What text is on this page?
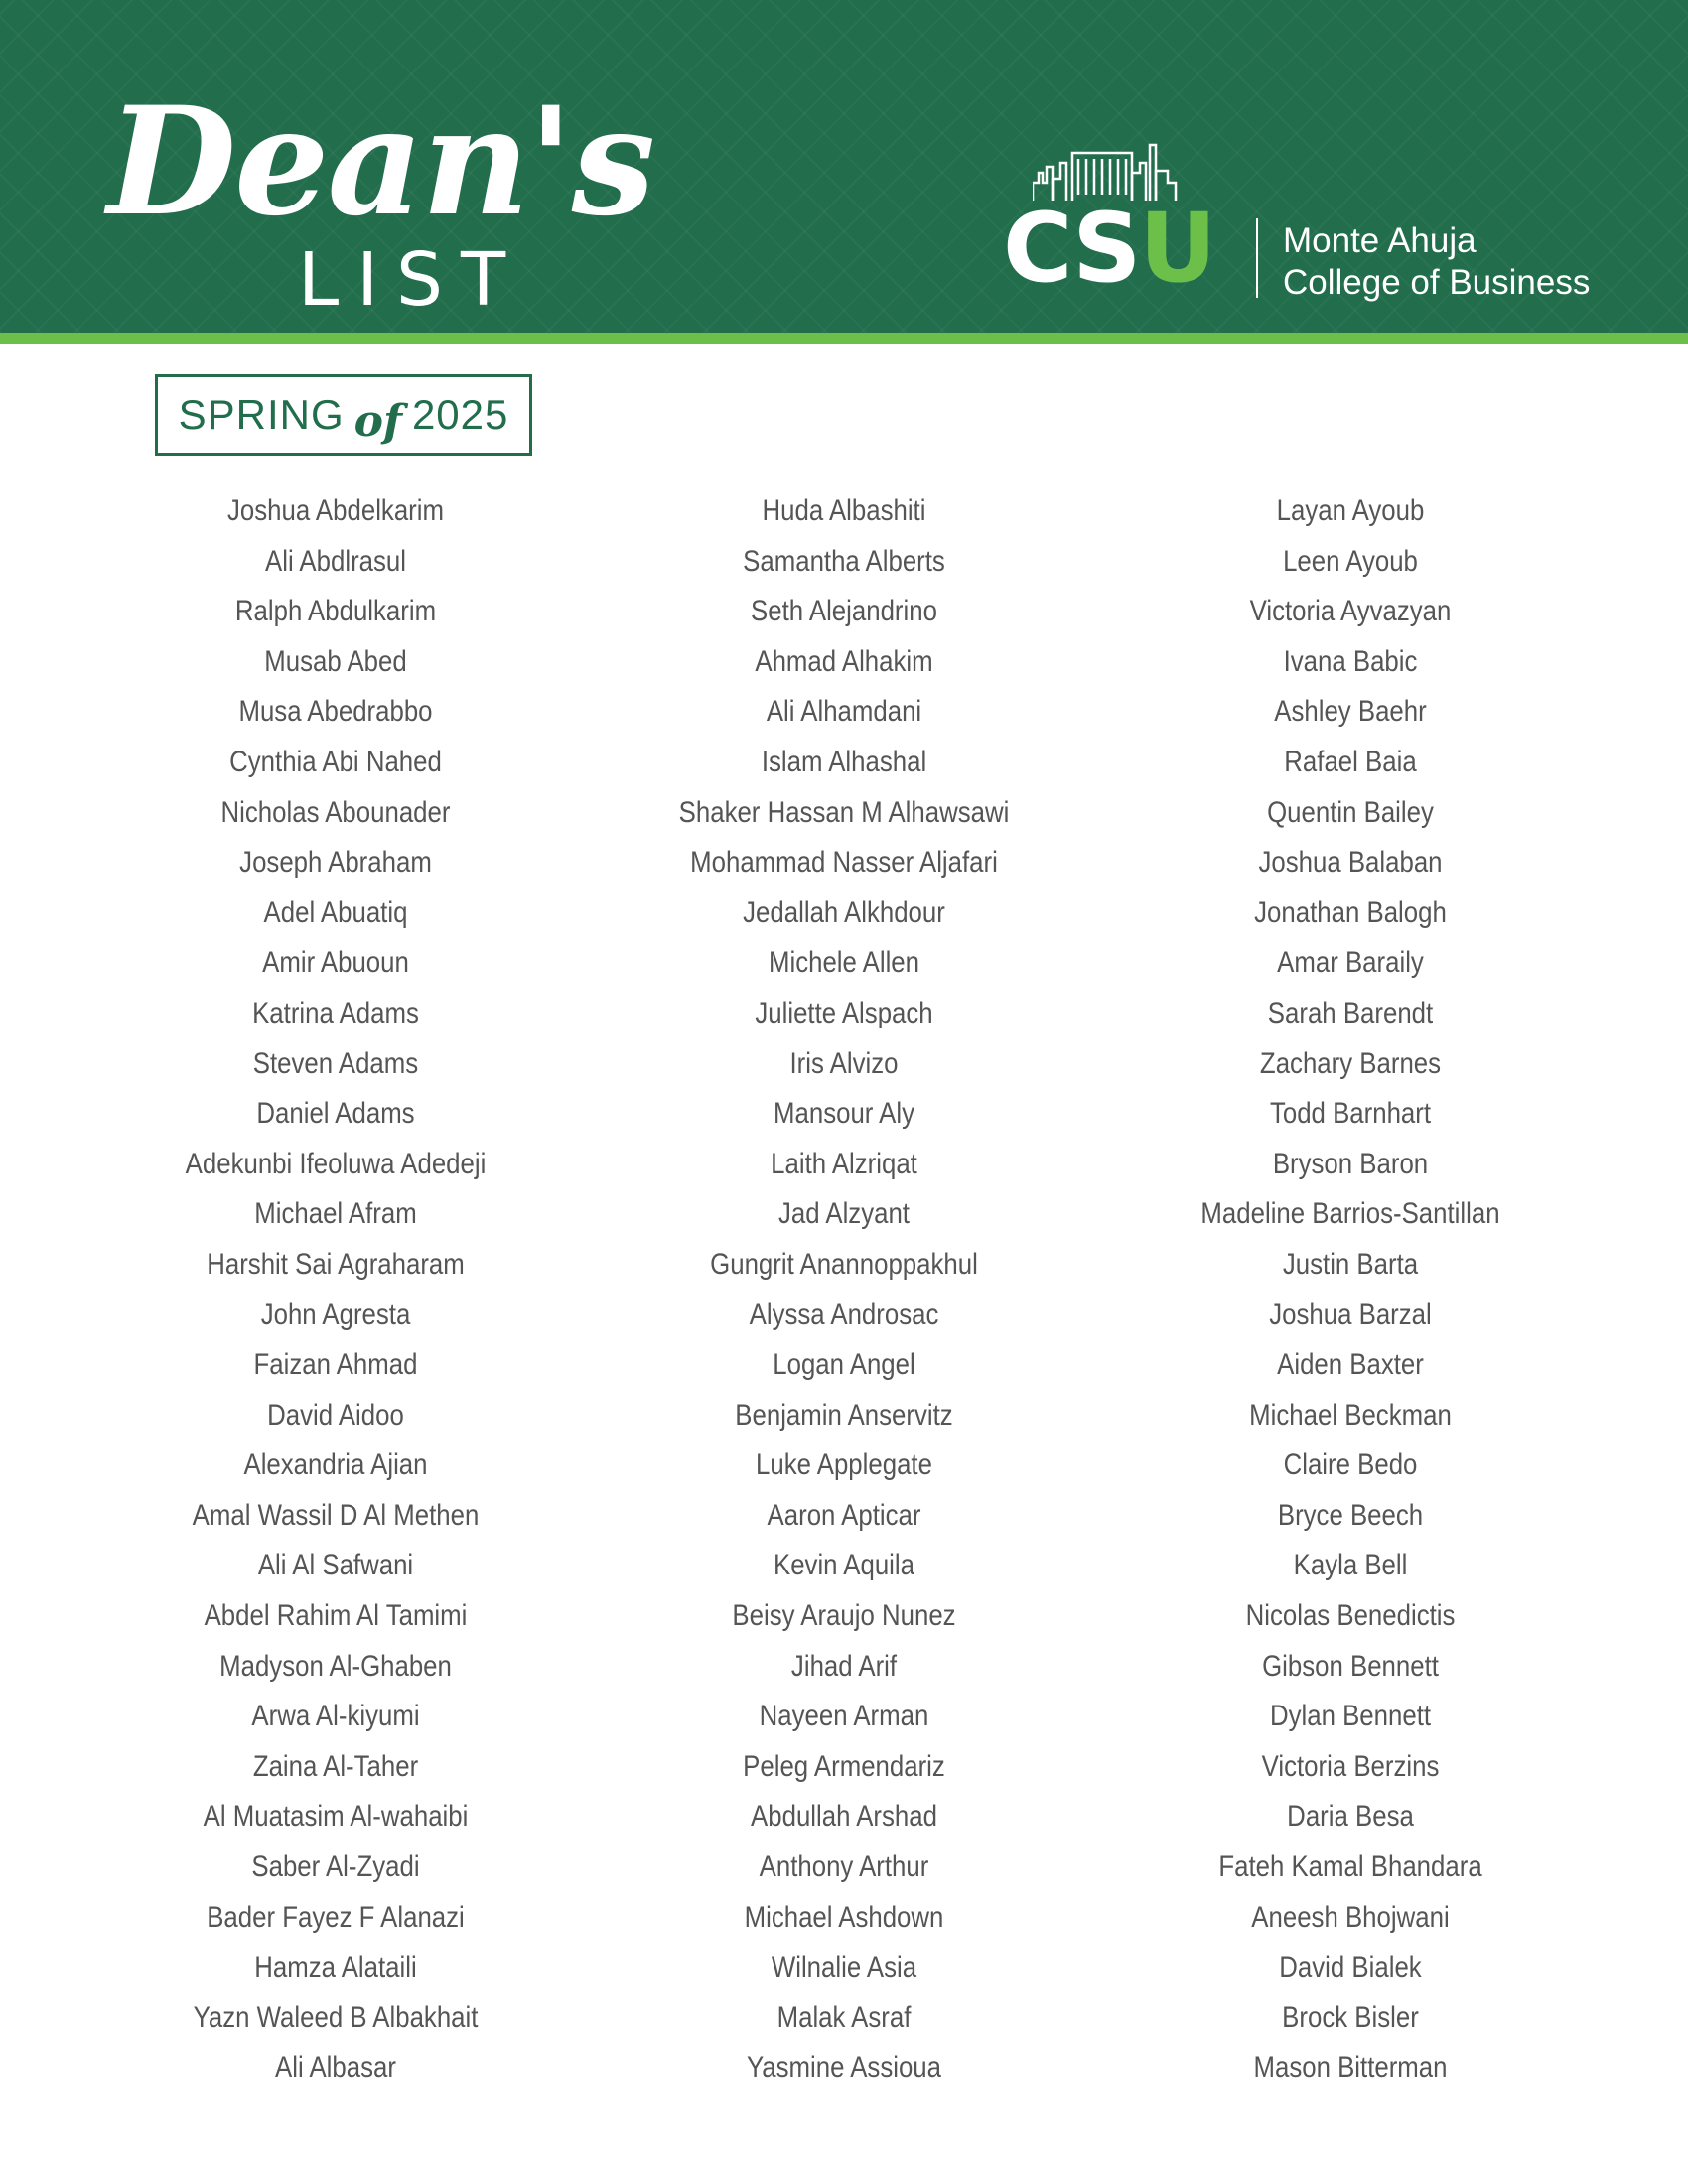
Dean's
LIST	CSU Monte Ahuja
College of Business
SPRING of 2025
Joshua Abdelkarim
Ali Abdlrasul
Ralph Abdulkarim
Musab Abed
Musa Abedrabbo
Cynthia Abi Nahed
Nicholas Abounader
Joseph Abraham
Adel Abuatiq
Amir Abuoun
Katrina Adams
Steven Adams
Daniel Adams
Adekunbi Ifeoluwa Adedeji
Michael Afram
Harshit Sai Agraharam
John Agresta
Faizan Ahmad
David Aidoo
Alexandria Ajian
Amal Wassil D Al Methen
Ali Al Safwani
Abdel Rahim Al Tamimi
Madyson Al-Ghaben
Arwa Al-kiyumi
Zaina Al-Taher
Al Muatasim Al-wahaibi
Saber Al-Zyadi
Bader Fayez F Alanazi
Hamza Alataili
Yazn Waleed B Albakhait
Ali Albasar
Huda Albashiti
Samantha Alberts
Seth Alejandrino
Ahmad Alhakim
Ali Alhamdani
Islam Alhashal
Shaker Hassan M Alhawsawi
Mohammad Nasser Aljafari
Jedallah Alkhdour
Michele Allen
Juliette Alspach
Iris Alvizo
Mansour Aly
Laith Alzriqat
Jad Alzyant
Gungrit Anannoppakhul
Alyssa Androsac
Logan Angel
Benjamin Anservitz
Luke Applegate
Aaron Apticar
Kevin Aquila
Beisy Araujo Nunez
Jihad Arif
Nayeen Arman
Peleg Armendariz
Abdullah Arshad
Anthony Arthur
Michael Ashdown
Wilnalie Asia
Malak Asraf
Yasmine Assioua
Layan Ayoub
Leen Ayoub
Victoria Ayvazyan
Ivana Babic
Ashley Baehr
Rafael Baia
Quentin Bailey
Joshua Balaban
Jonathan Balogh
Amar Baraily
Sarah Barendt
Zachary Barnes
Todd Barnhart
Bryson Baron
Madeline Barrios-Santillan
Justin Barta
Joshua Barzal
Aiden Baxter
Michael Beckman
Claire Bedo
Bryce Beech
Kayla Bell
Nicolas Benedictis
Gibson Bennett
Dylan Bennett
Victoria Berzins
Daria Besa
Fateh Kamal Bhandara
Aneesh Bhojwani
David Bialek
Brock Bisler
Mason Bitterman
